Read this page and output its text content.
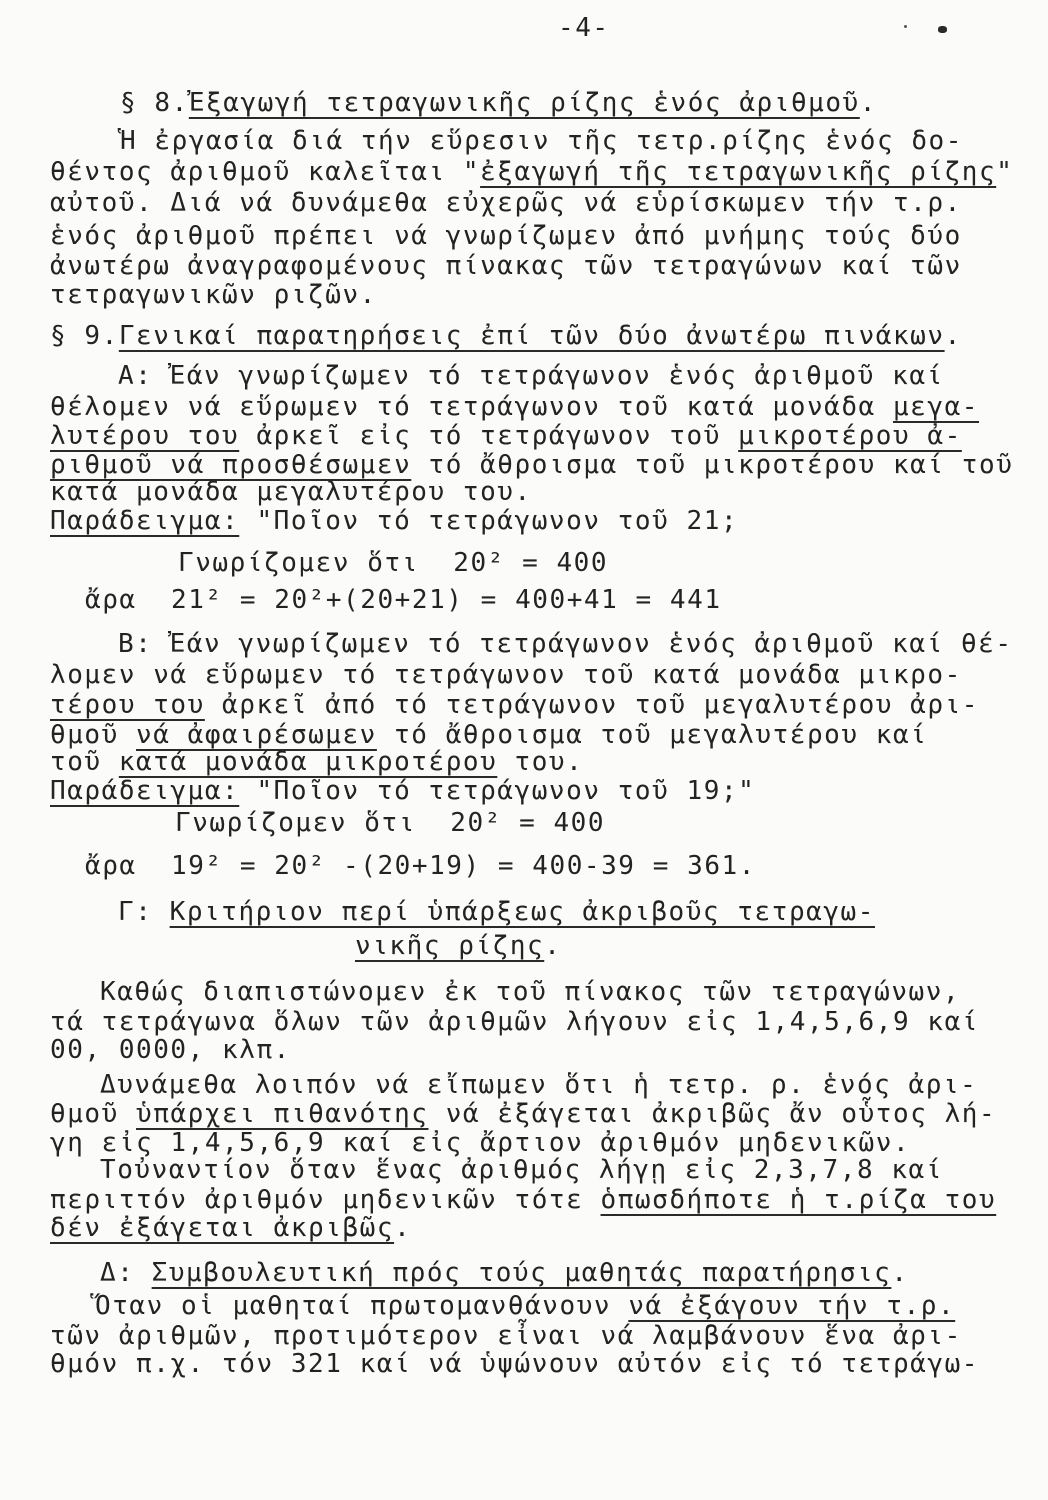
-4-
§ 8.Ἐξαγωγή τετραγωνικῆς ρίζης ἑνός ἀριθμοῦ.
Ἡ ἐργασία διά τήν εὕρεσιν τῆς τετρ.ρίζης ἑνός δο-
θέντος ἀριθμοῦ καλεῖται "ἐξαγωγή τῆς τετραγωνικῆς ρίζης"
αὐτοῦ. Διά νά δυνάμεθα εὐχερῶς νά εὑρίσκωμεν τήν τ.ρ.
ἑνός ἀριθμοῦ πρέπει νά γνωρίζωμεν ἀπό μνήμης τούς δύο
ἀνωτέρω ἀναγραφομένους πίνακας τῶν τετραγώνων καί τῶν
τετραγωνικῶν ριζῶν.
§ 9.Γενικαί παρατηρήσεις ἐπί τῶν δύο ἀνωτέρω πινάκων.
Α: Ἐάν γνωρίζωμεν τό τετράγωνον ἑνός ἀριθμοῦ καί
θέλομεν νά εὕρωμεν τό τετράγωνον τοῦ κατά μονάδα μεγα-
λυτέρου του ἀρκεῖ εἰς τό τετράγωνον τοῦ μικροτέρου ἀ-
ριθμοῦ νά προσθέσωμεν τό ἄθροισμα τοῦ μικροτέρου καί τοῦ
κατά μονάδα μεγαλυτέρου του.
Παράδειγμα: "Ποῖον τό τετράγωνον τοῦ 21;
Γνωρίζομεν ὅτι  20² = 400
ἄρα  21² = 20²+(20+21) = 400+41 = 441
Β: Ἐάν γνωρίζωμεν τό τετράγωνον ἑνός ἀριθμοῦ καί θέ-
λομεν νά εὕρωμεν τό τετράγωνον τοῦ κατά μονάδα μικρο-
τέρου του ἀρκεῖ ἀπό τό τετράγωνον τοῦ μεγαλυτέρου ἀρι-
θμοῦ νά ἀφαιρέσωμεν τό ἄθροισμα τοῦ μεγαλυτέρου καί
τοῦ κατά μονάδα μικροτέρου του.
Παράδειγμα: "Ποῖον τό τετράγωνον τοῦ 19;"
Γνωρίζομεν ὅτι  20² = 400
ἄρα  19² = 20² -(20+19) = 400-39 = 361.
Γ: Κριτήριον περί ὑπάρξεως ἀκριβοῦς τετραγω-
νικῆς ρίζης.
Καθώς διαπιστώνομεν ἐκ τοῦ πίνακος τῶν τετραγώνων,
τά τετράγωνα ὅλων τῶν ἀριθμῶν λήγουν εἰς 1,4,5,6,9 καί
00, 0000, κλπ.
Δυνάμεθα λοιπόν νά εἴπωμεν ὅτι ἡ τετρ. ρ. ἑνός ἀρι-
θμοῦ ὑπάρχει πιθανότης νά ἐξάγεται ἀκριβῶς ἄν οὗτος λή-
γη εἰς 1,4,5,6,9 καί εἰς ἄρτιον ἀριθμόν μηδενικῶν.
Τοὐναντίον ὅταν ἕνας ἀριθμός λήγῃ εἰς 2,3,7,8 καί
περιττόν ἀριθμόν μηδενικῶν τότε ὁπωσδήποτε ἡ τ.ρίζα του
δέν ἐξάγεται ἀκριβῶς.
Δ: Συμβουλευτική πρός τούς μαθητάς παρατήρησις.
Ὅταν οἱ μαθηταί πρωτομανθάνουν νά ἐξάγουν τήν τ.ρ.
τῶν ἀριθμῶν, προτιμότερον εἶναι νά λαμβάνουν ἕνα ἀρι-
θμόν π.χ. τόν 321 καί νά ὑψώνουν αὐτόν εἰς τό τετράγω-
